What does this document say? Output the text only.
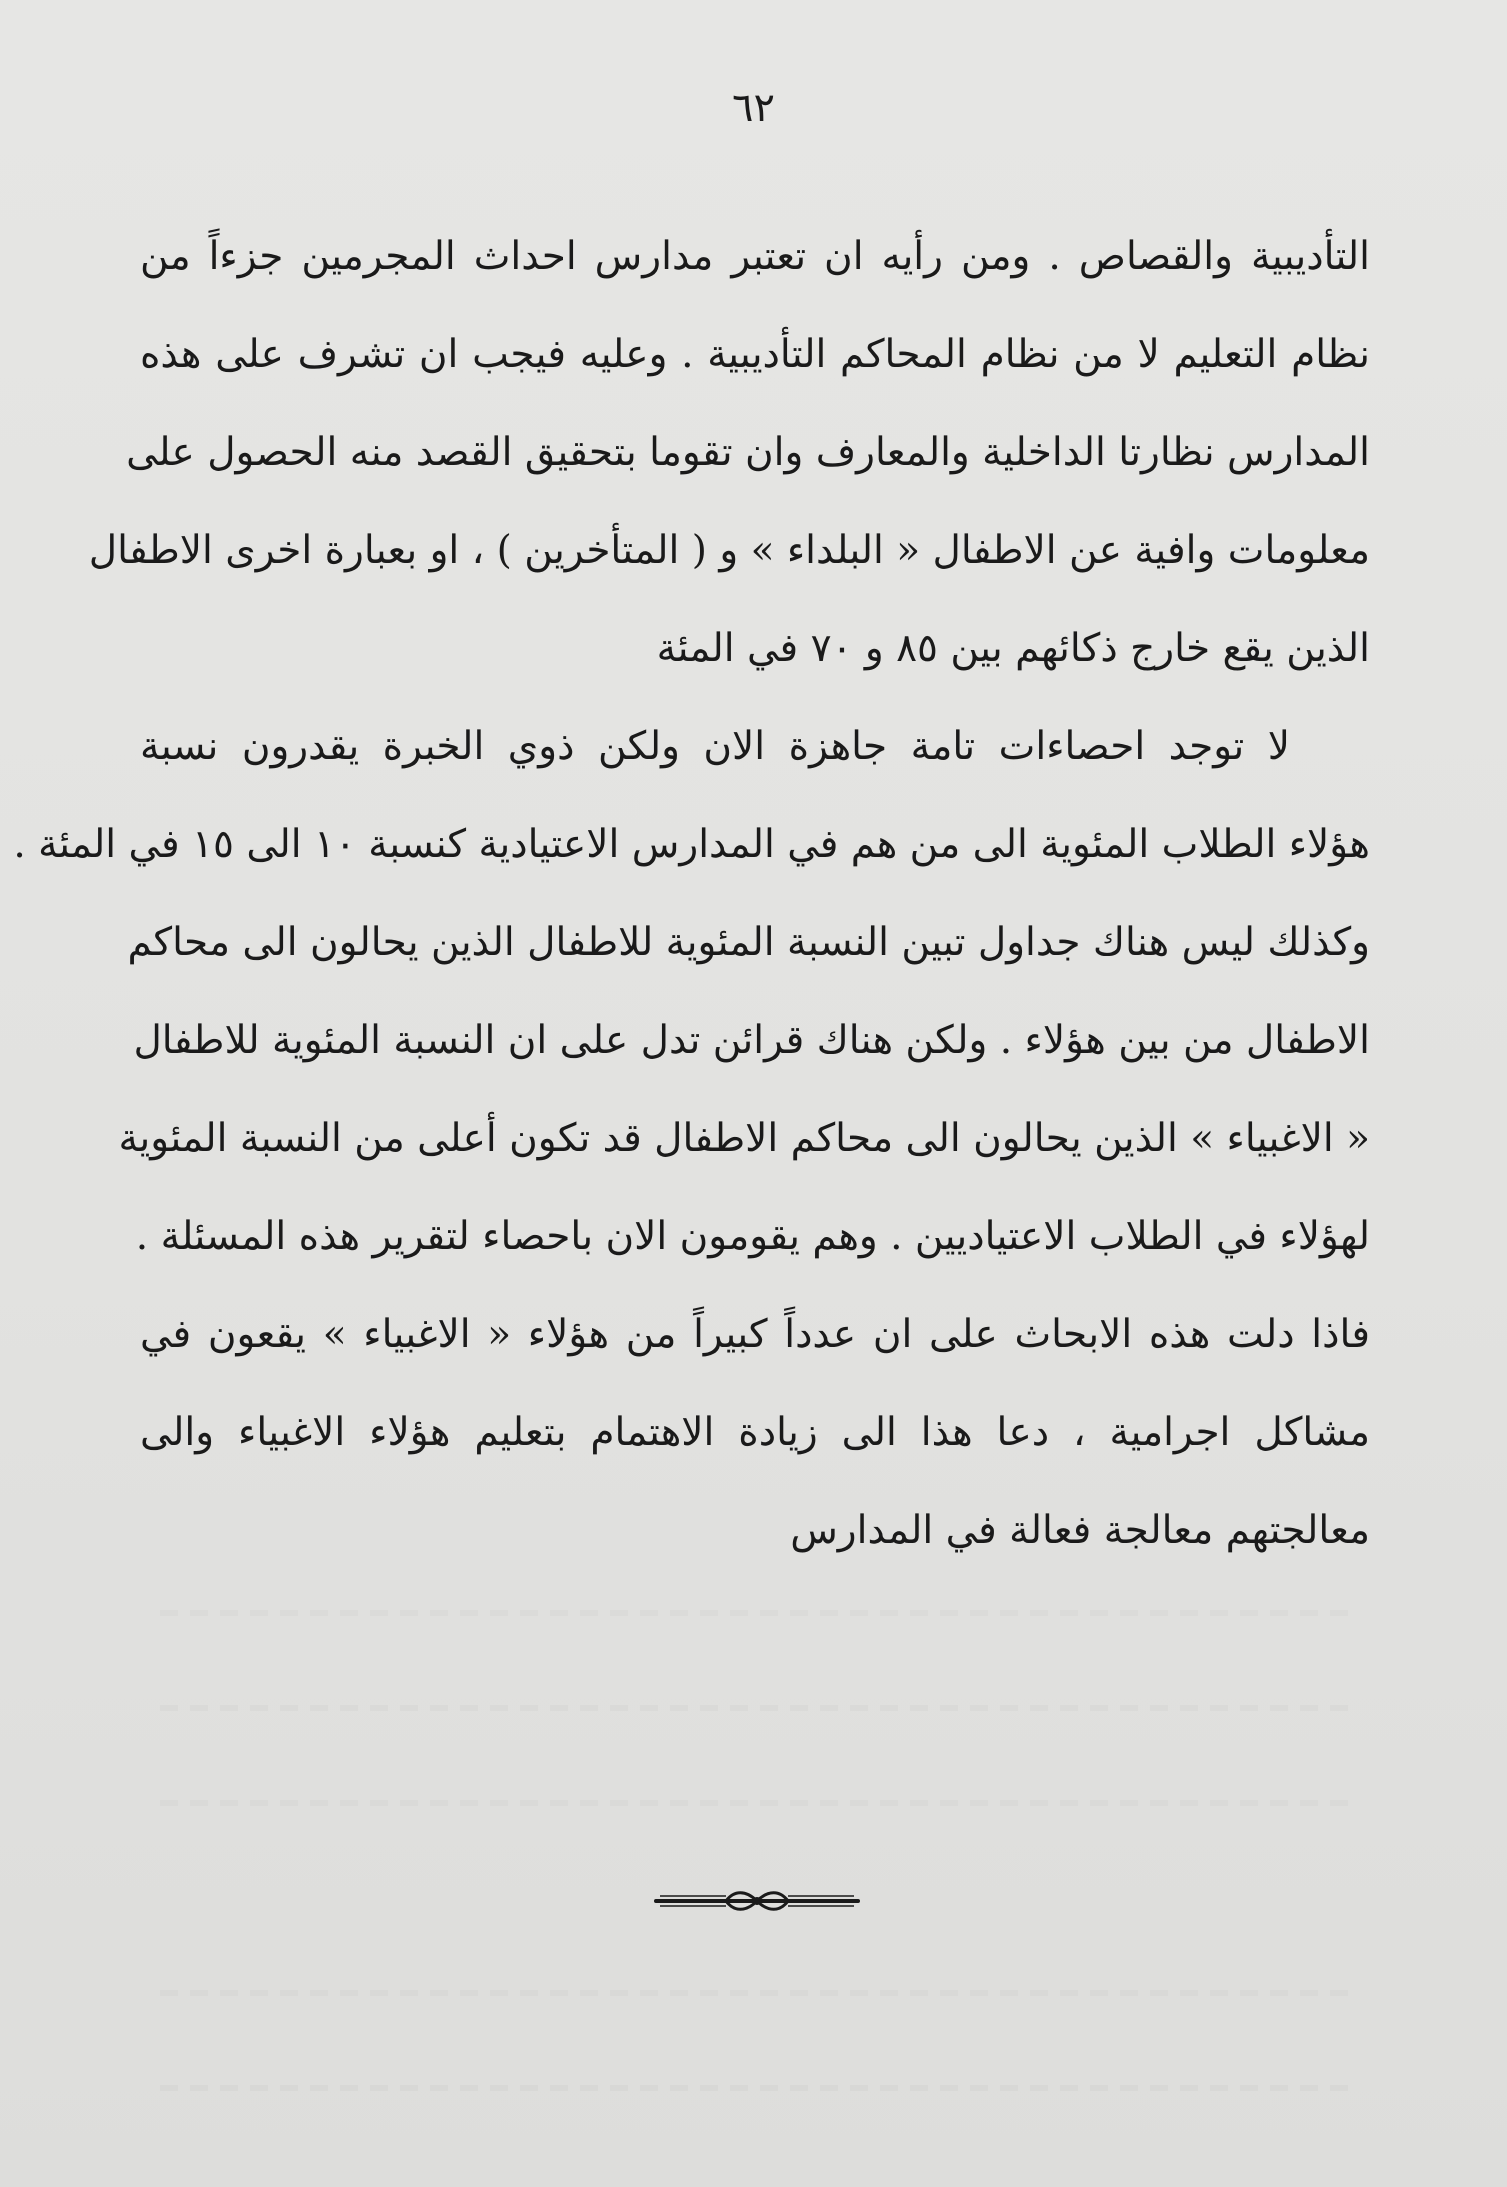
٦٢

التأديبية والقصاص . ومن رأيه ان تعتبر مدارس احداث المجرمين جزءاً من
نظام التعليم لا من نظام المحاكم التأديبية . وعليه فيجب ان تشرف على هذه
المدارس نظارتا الداخلية والمعارف وان تقوما بتحقيق القصد منه الحصول على
معلومات وافية عن الاطفال « البلداء » و ( المتأخرين ) ، او بعبارة اخرى الاطفال
الذين يقع خارج ذكائهم بين ٨٥ و ٧٠ في المئة

لا توجد احصاءات تامة جاهزة الان ولكن ذوي الخبرة يقدرون نسبة
هؤلاء الطلاب المئوية الى من هم في المدارس الاعتيادية كنسبة ١٠ الى ١٥ في المئة .
وكذلك ليس هناك جداول تبين النسبة المئوية للاطفال الذين يحالون الى محاكم
الاطفال من بين هؤلاء . ولكن هناك قرائن تدل على ان النسبة المئوية للاطفال
« الاغبياء » الذين يحالون الى محاكم الاطفال قد تكون أعلى من النسبة المئوية
لهؤلاء في الطلاب الاعتياديين . وهم يقومون الان باحصاء لتقرير هذه المسئلة .
فاذا دلت هذه الابحاث على ان عدداً كبيراً من هؤلاء « الاغبياء » يقعون في
مشاكل اجرامية ، دعا هذا الى زيادة الاهتمام بتعليم هؤلاء الاغبياء والى
معالجتهم معالجة فعالة في المدارس
